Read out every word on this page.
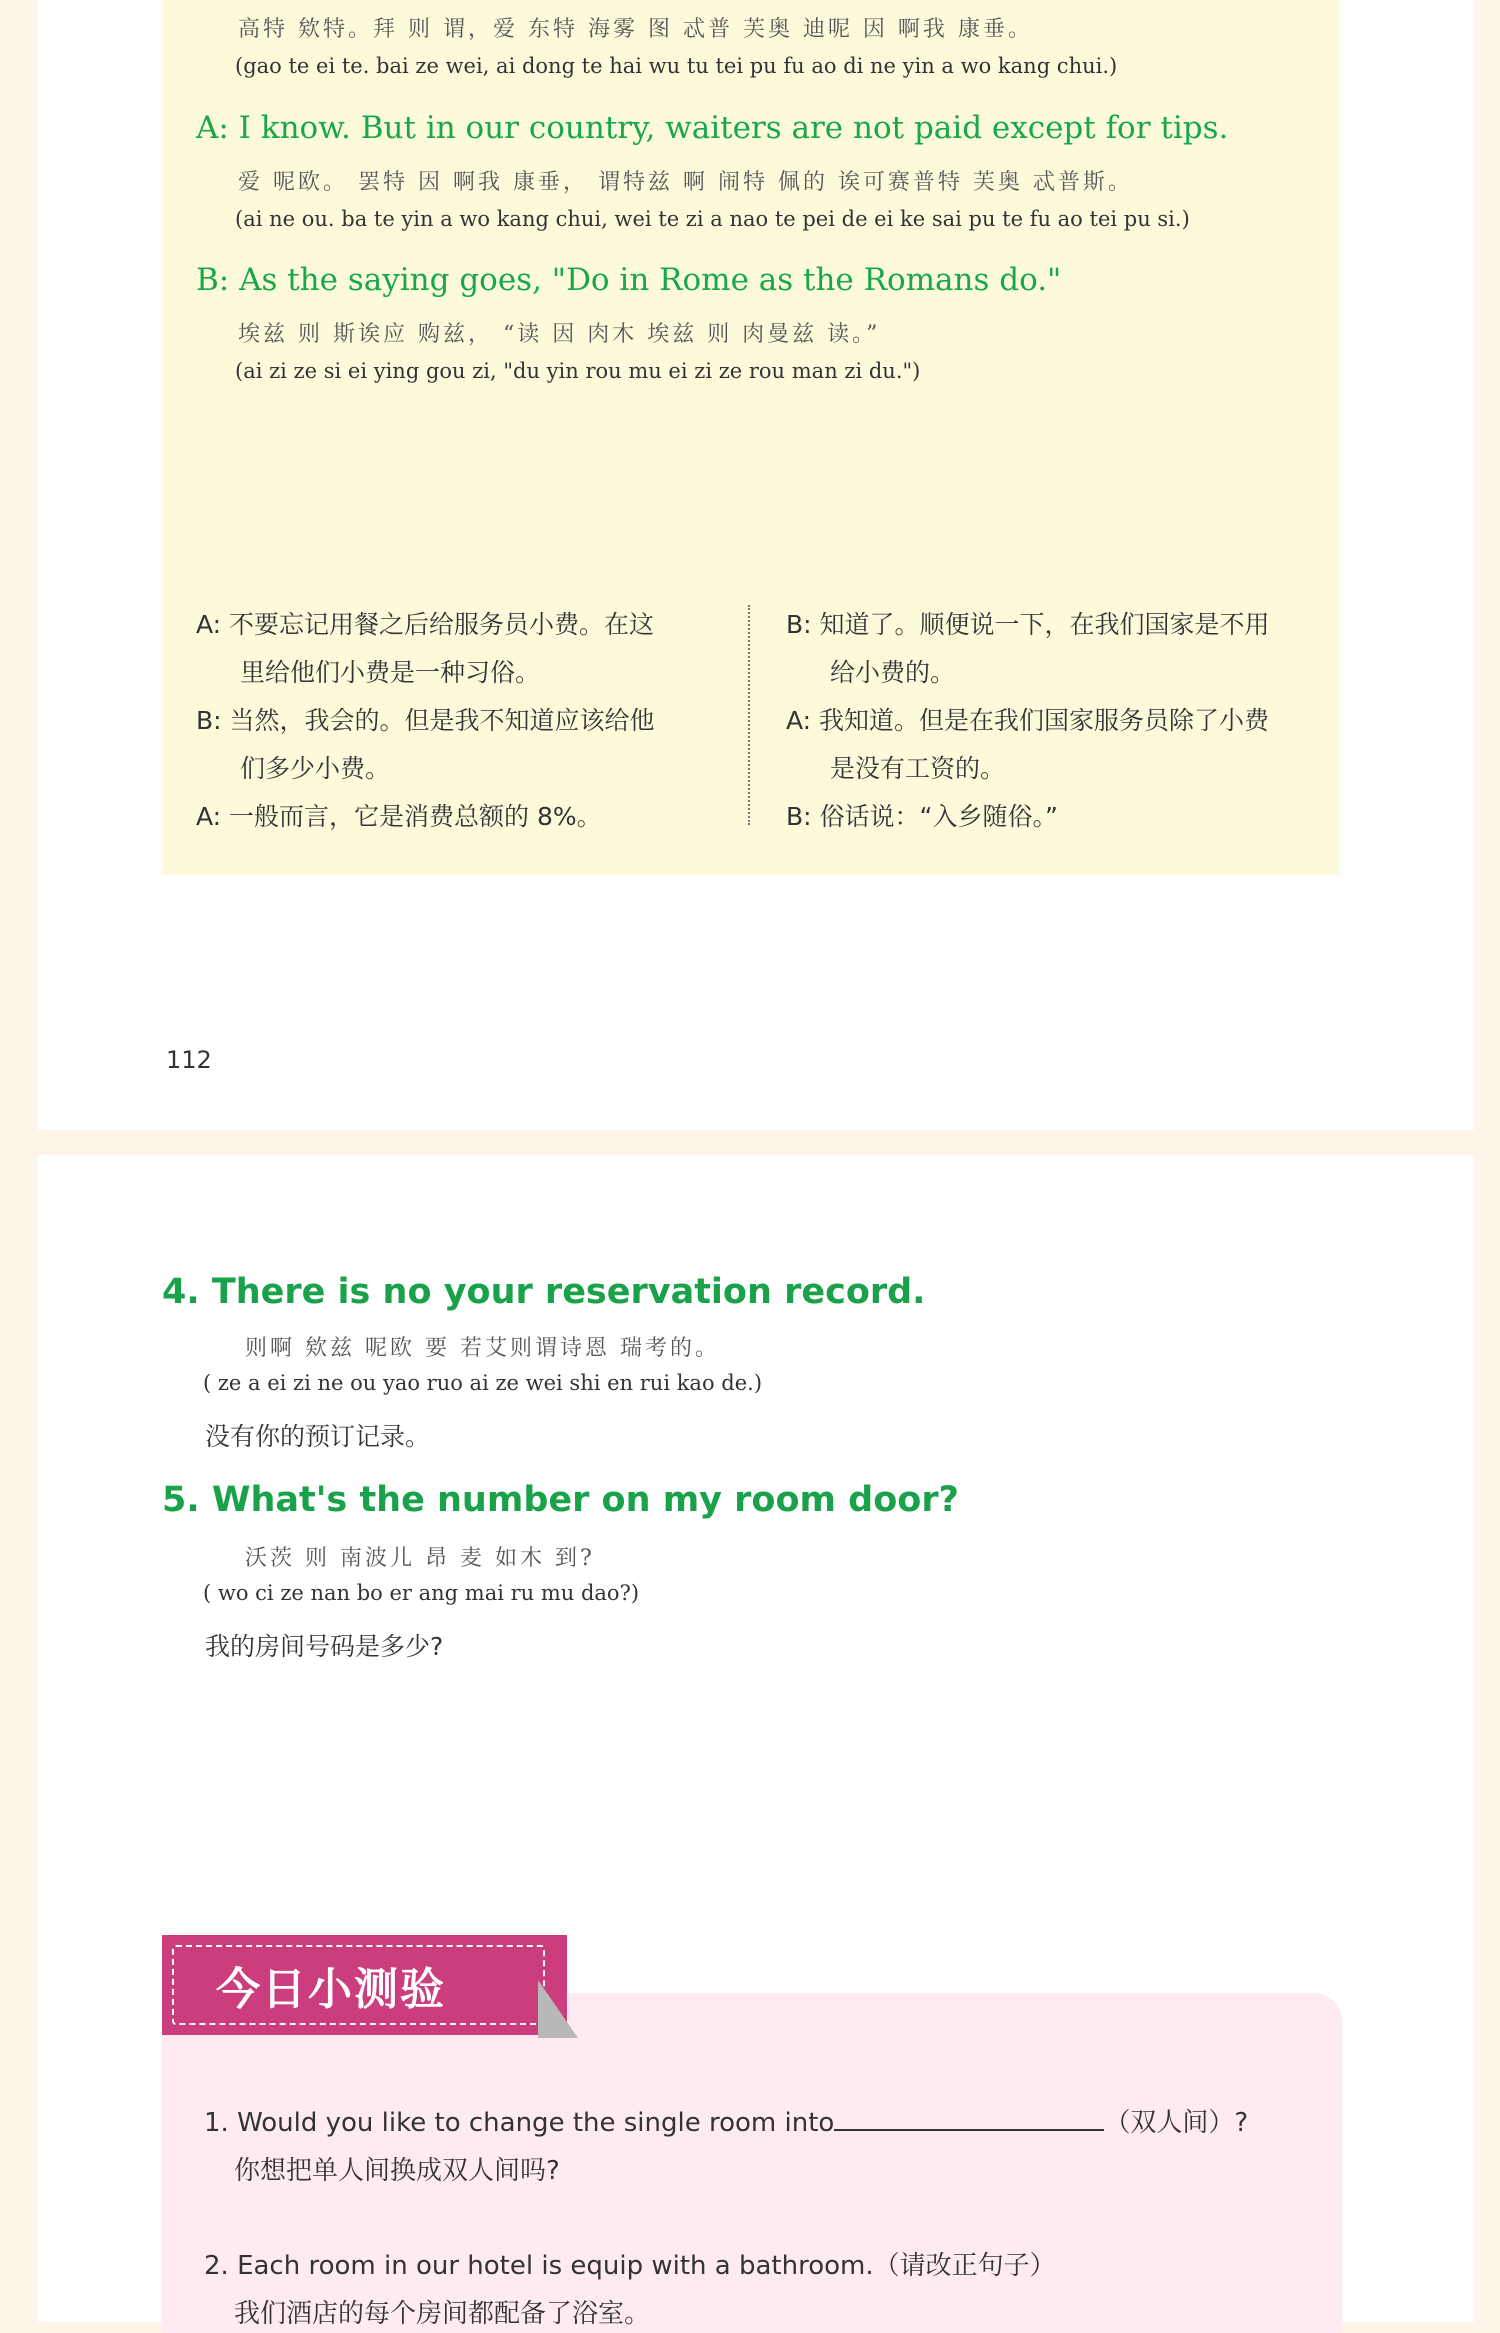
高特 欸特。拜 则 谓，爱 东特 海雾 图 忒普 芙奥 迪呢 因 啊我 康垂。
(gao te ei te. bai ze wei, ai dong te hai wu tu tei pu fu ao di ne yin a wo kang chui.)
A: I know. But in our country, waiters are not paid except for tips.
爱 呢欧。 罢特 因 啊我 康垂， 谓特兹 啊 闹特 佩的 诶可赛普特 芙奥 忒普斯。
(ai ne ou. ba te yin a wo kang chui, wei te zi a nao te pei de ei ke sai pu te fu ao tei pu si.)
B: As the saying goes, "Do in Rome as the Romans do."
埃兹 则 斯诶应 购兹， “读 因 肉木 埃兹 则 肉曼兹 读。”
(ai zi ze si ei ying gou zi, "du yin rou mu ei zi ze rou man zi du.")
A: 不要忘记用餐之后给服务员小费。在这
里给他们小费是一种习俗。
B: 当然，我会的。但是我不知道应该给他
们多少小费。
A: 一般而言，它是消费总额的 8%。
B: 知道了。顺便说一下，在我们国家是不用
给小费的。
A: 我知道。但是在我们国家服务员除了小费
是没有工资的。
B: 俗话说：“入乡随俗。”
112
4. There is no your reservation record.
则啊 欸兹 呢欧 要 若艾则谓诗恩 瑞考的。
( ze a ei zi ne ou yao ruo ai ze wei shi en rui kao de.)
没有你的预订记录。
5. What's the number on my room door?
沃茨 则 南波儿 昂 麦 如木 到?
( wo ci ze nan bo er ang mai ru mu dao?)
我的房间号码是多少?
今日小测验
1. Would you like to change the single room into	（双人间）?
你想把单人间换成双人间吗?
2. Each room in our hotel is equip with a bathroom.（请改正句子）
我们酒店的每个房间都配备了浴室。
